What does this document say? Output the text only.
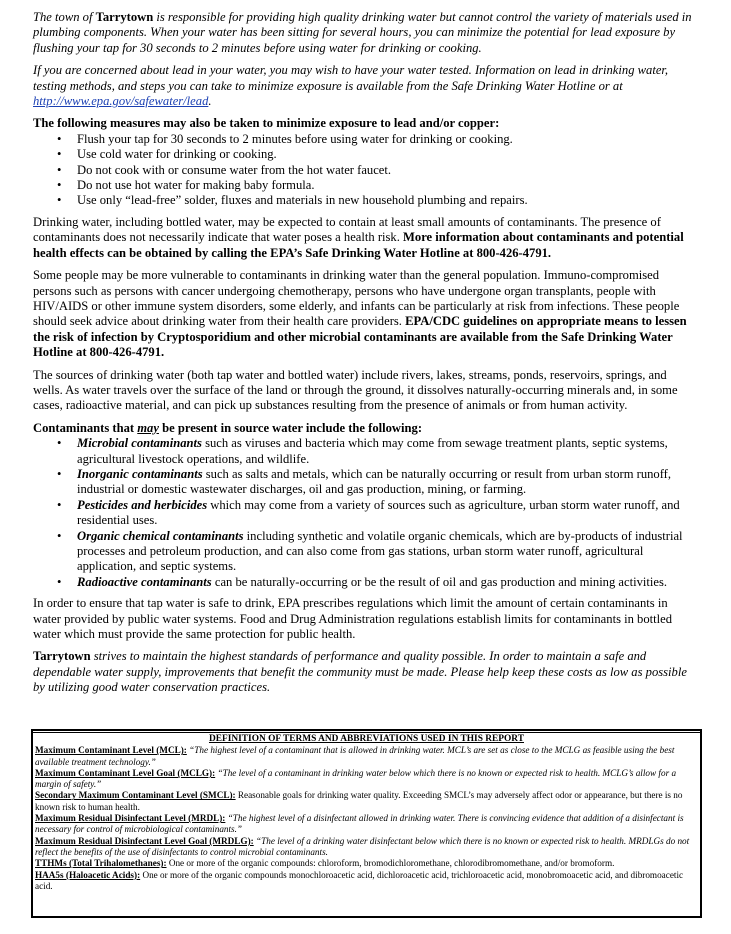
The town of Tarrytown is responsible for providing high quality drinking water but cannot control the variety of materials used in plumbing components. When your water has been sitting for several hours, you can minimize the potential for lead exposure by flushing your tap for 30 seconds to 2 minutes before using water for drinking or cooking.

If you are concerned about lead in your water, you may wish to have your water tested. Information on lead in drinking water, testing methods, and steps you can take to minimize exposure is available from the Safe Drinking Water Hotline or at http://www.epa.gov/safewater/lead.

The following measures may also be taken to minimize exposure to lead and/or copper:

• Flush your tap for 30 seconds to 2 minutes before using water for drinking or cooking.
• Use cold water for drinking or cooking.
• Do not cook with or consume water from the hot water faucet.
• Do not use hot water for making baby formula.
• Use only “lead-free” solder, fluxes and materials in new household plumbing and repairs.

Drinking water, including bottled water, may be expected to contain at least small amounts of contaminants. The presence of contaminants does not necessarily indicate that water poses a health risk. More information about contaminants and potential health effects can be obtained by calling the EPA’s Safe Drinking Water Hotline at 800-426-4791.

Some people may be more vulnerable to contaminants in drinking water than the general population. Immuno-compromised persons such as persons with cancer undergoing chemotherapy, persons who have undergone organ transplants, people with HIV/AIDS or other immune system disorders, some elderly, and infants can be particularly at risk from infections. These people should seek advice about drinking water from their health care providers. EPA/CDC guidelines on appropriate means to lessen the risk of infection by Cryptosporidium and other microbial contaminants are available from the Safe Drinking Water Hotline at 800-426-4791.

The sources of drinking water (both tap water and bottled water) include rivers, lakes, streams, ponds, reservoirs, springs, and wells. As water travels over the surface of the land or through the ground, it dissolves naturally-occurring minerals and, in some cases, radioactive material, and can pick up substances resulting from the presence of animals or from human activity.

Contaminants that may be present in source water include the following:

• Microbial contaminants such as viruses and bacteria which may come from sewage treatment plants, septic systems, agricultural livestock operations, and wildlife.
• Inorganic contaminants such as salts and metals, which can be naturally occurring or result from urban storm runoff, industrial or domestic wastewater discharges, oil and gas production, mining, or farming.
• Pesticides and herbicides which may come from a variety of sources such as agriculture, urban storm water runoff, and residential uses.
• Organic chemical contaminants including synthetic and volatile organic chemicals, which are by-products of industrial processes and petroleum production, and can also come from gas stations, urban storm water runoff, agricultural application, and septic systems.
• Radioactive contaminants can be naturally-occurring or be the result of oil and gas production and mining activities.

In order to ensure that tap water is safe to drink, EPA prescribes regulations which limit the amount of certain contaminants in water provided by public water systems. Food and Drug Administration regulations establish limits for contaminants in bottled water which must provide the same protection for public health.

Tarrytown strives to maintain the highest standards of performance and quality possible. In order to maintain a safe and dependable water supply, improvements that benefit the community must be made. Please help keep these costs as low as possible by utilizing good water conservation practices.

DEFINITION OF TERMS AND ABBREVIATIONS USED IN THIS REPORT
Maximum Contaminant Level (MCL): “The highest level of a contaminant that is allowed in drinking water. MCL’s are set as close to the MCLG as feasible using the best available treatment technology.”
Maximum Contaminant Level Goal (MCLG): “The level of a contaminant in drinking water below which there is no known or expected risk to health. MCLG’s allow for a margin of safety.”
Secondary Maximum Contaminant Level (SMCL): Reasonable goals for drinking water quality. Exceeding SMCL’s may adversely affect odor or appearance, but there is no known risk to human health.
Maximum Residual Disinfectant Level (MRDL): “The highest level of a disinfectant allowed in drinking water. There is convincing evidence that addition of a disinfectant is necessary for control of microbiological contaminants.”
Maximum Residual Disinfectant Level Goal (MRDLG): “The level of a drinking water disinfectant below which there is no known or expected risk to health. MRDLGs do not reflect the benefits of the use of disinfectants to control microbial contaminants.
TTHMs (Total Trihalomethanes): One or more of the organic compounds: chloroform, bromodichloromethane, chlorodibromomethane, and/or bromoform.
HAA5s (Haloacetic Acids): One or more of the organic compounds monochloroacetic acid, dichloroacetic acid, trichloroacetic acid, monobromoacetic acid, and dibromoacetic acid.
